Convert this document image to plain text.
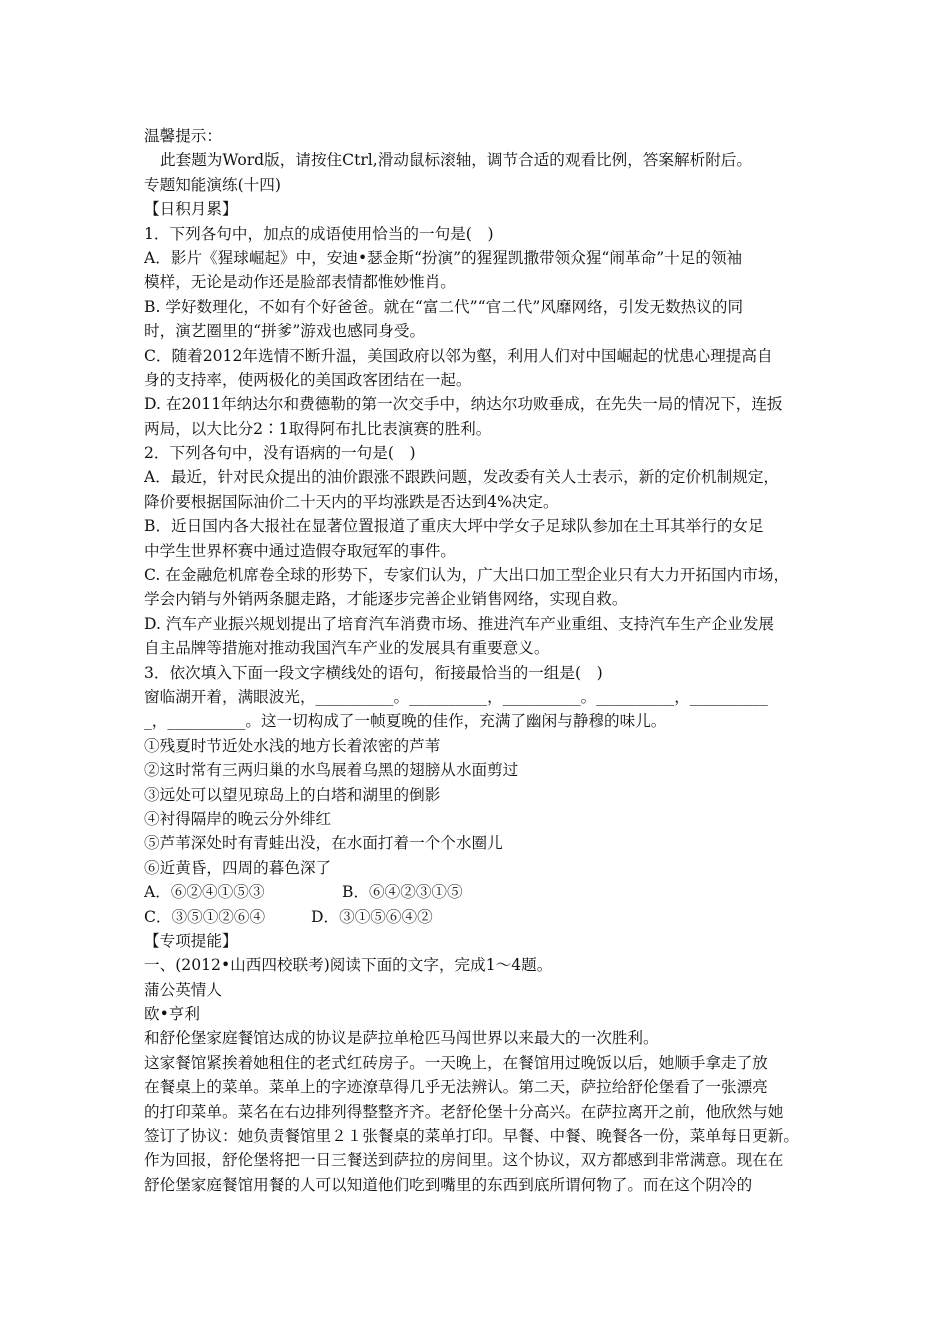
温馨提示：
此套题为Word版，请按住Ctrl,滑动鼠标滚轴，调节合适的观看比例，答案解析附后。
专题知能演练(十四)
【日积月累】
1．下列各句中，加点的成语使用恰当的一句是(　)
A．影片《猩球崛起》中，安迪•瑟金斯“扮演”的猩猩凯撒带领众猩“闹革命”十足的领袖
模样，无论是动作还是脸部表情都惟妙惟肖。
B. 学好数理化，不如有个好爸爸。就在“富二代”“官二代”风靡网络，引发无数热议的同
时，演艺圈里的“拼爹”游戏也感同身受。
C．随着2012年选情不断升温，美国政府以邻为壑，利用人们对中国崛起的忧患心理提高自
身的支持率，使两极化的美国政客团结在一起。
D. 在2011年纳达尔和费德勒的第一次交手中，纳达尔功败垂成，在先失一局的情况下，连扳
两局，以大比分2∶1取得阿布扎比表演赛的胜利。
2．下列各句中，没有语病的一句是(　)
A．最近，针对民众提出的油价跟涨不跟跌问题，发改委有关人士表示，新的定价机制规定，
降价要根据国际油价二十天内的平均涨跌是否达到4%决定。
B．近日国内各大报社在显著位置报道了重庆大坪中学女子足球队参加在土耳其举行的女足
中学生世界杯赛中通过造假夺取冠军的事件。
C. 在金融危机席卷全球的形势下，专家们认为，广大出口加工型企业只有大力开拓国内市场，
学会内销与外销两条腿走路，才能逐步完善企业销售网络，实现自救。
D. 汽车产业振兴规划提出了培育汽车消费市场、推进汽车产业重组、支持汽车生产企业发展
自主品牌等措施对推动我国汽车产业的发展具有重要意义。
3．依次填入下面一段文字横线处的语句，衔接最恰当的一组是(　)
窗临湖开着，满眼波光，__________。__________，__________。__________，__________
_，__________。这一切构成了一帧夏晚的佳作，充满了幽闲与静穆的味儿。
①残夏时节近处水浅的地方长着浓密的芦苇
②这时常有三两归巢的水鸟展着乌黑的翅膀从水面剪过
③远处可以望见琼岛上的白塔和湖里的倒影
④衬得隔岸的晚云分外绯红
⑤芦苇深处时有青蛙出没，在水面打着一个个水圈儿
⑥近黄昏，四周的暮色深了
A．⑥②④①⑤③	B．⑥④②③①⑤
C．③⑤①②⑥④	D．③①⑤⑥④②
【专项提能】
一、(2012•山西四校联考)阅读下面的文字，完成1～4题。
蒲公英情人
欧•亨利
和舒伦堡家庭餐馆达成的协议是萨拉单枪匹马闯世界以来最大的一次胜利。
这家餐馆紧挨着她租住的老式红砖房子。一天晚上，在餐馆用过晚饭以后，她顺手拿走了放
在餐桌上的菜单。菜单上的字迹潦草得几乎无法辨认。第二天，萨拉给舒伦堡看了一张漂亮
的打印菜单。菜名在右边排列得整整齐齐。老舒伦堡十分高兴。在萨拉离开之前，他欣然与她
签订了协议：她负责餐馆里２１张餐桌的菜单打印。早餐、中餐、晚餐各一份，菜单每日更新。
作为回报，舒伦堡将把一日三餐送到萨拉的房间里。这个协议，双方都感到非常满意。现在在
舒伦堡家庭餐馆用餐的人可以知道他们吃到嘴里的东西到底所谓何物了。而在这个阴冷的
